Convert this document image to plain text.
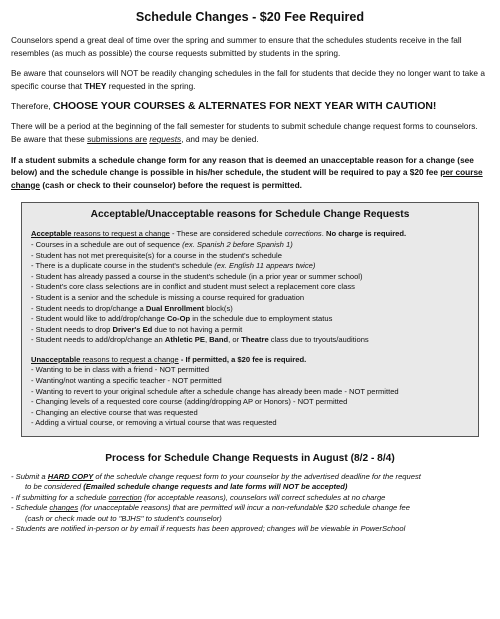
Schedule Changes - $20 Fee Required

Counselors spend a great deal of time over the spring and summer to ensure that the schedules students receive in the fall resembles (as much as possible) the course requests submitted by students in the spring.

Be aware that counselors will NOT be readily changing schedules in the fall for students that decide they no longer want to take a specific course that THEY requested in the spring.

Therefore, CHOOSE YOUR COURSES & ALTERNATES FOR NEXT YEAR WITH CAUTION!

There will be a period at the beginning of the fall semester for students to submit schedule change request forms to counselors. Be aware that these submissions are requests, and may be denied.

If a student submits a schedule change form for any reason that is deemed an unacceptable reason for a change (see below) and the schedule change is possible in his/her schedule, the student will be required to pay a $20 fee per course change (cash or check to their counselor) before the request is permitted.

Acceptable/Unacceptable reasons for Schedule Change Requests
Acceptable reasons to request a change - These are considered schedule corrections. No charge is required.
- Courses in a schedule are out of sequence (ex. Spanish 2 before Spanish 1)
- Student has not met prerequisite(s) for a course in the student's schedule
- There is a duplicate course in the student's schedule (ex. English 11 appears twice)
- Student has already passed a course in the student's schedule (in a prior year or summer school)
- Student's core class selections are in conflict and student must select a replacement core class
- Student is a senior and the schedule is missing a course required for graduation
- Student needs to drop/change a Dual Enrollment block(s)
- Student would like to add/drop/change Co-Op in the schedule due to employment status
- Student needs to drop Driver's Ed due to not having a permit
- Student needs to add/drop/change an Athletic PE, Band, or Theatre class due to tryouts/auditions
Unacceptable reasons to request a change - If permitted, a $20 fee is required.
- Wanting to be in class with a friend - NOT permitted
- Wanting/not wanting a specific teacher - NOT permitted
- Wanting to revert to your original schedule after a schedule change has already been made - NOT permitted
- Changing levels of a requested core course (adding/dropping AP or Honors) - NOT permitted
- Changing an elective course that was requested
- Adding a virtual course, or removing a virtual course that was requested
Process for Schedule Change Requests in August (8/2 - 8/4)
- Submit a HARD COPY of the schedule change request form to your counselor by the advertised deadline for the request
to be considered (Emailed schedule change requests and late forms will NOT be accepted)
- If submitting for a schedule correction (for acceptable reasons), counselors will correct schedules at no charge
- Schedule changes (for unacceptable reasons) that are permitted will incur a non-refundable $20 schedule change fee
(cash or check made out to "BJHS" to student's counselor)
- Students are notified in-person or by email if requests has been approved; changes will be viewable in PowerSchool
